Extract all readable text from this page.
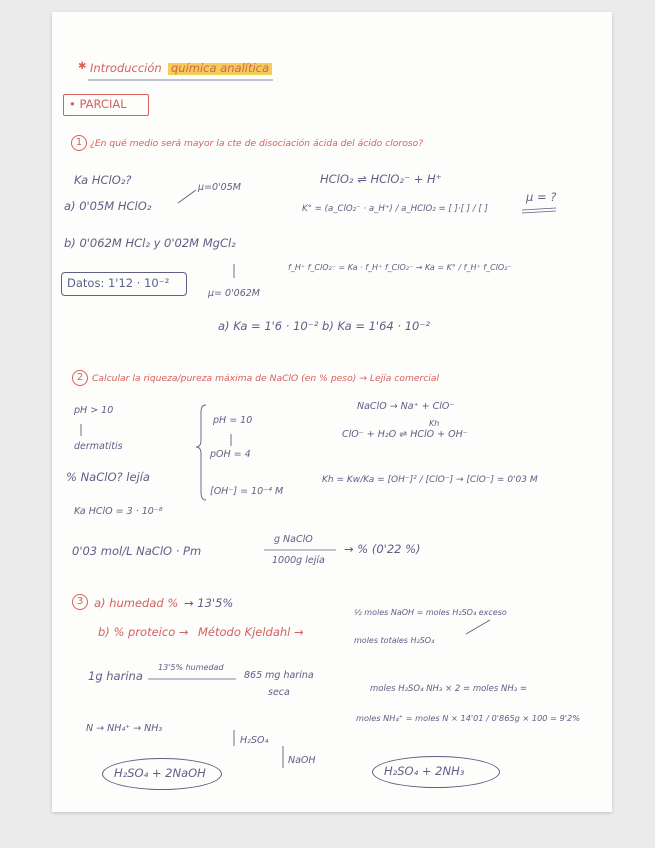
✱ Introducción química analítica
• PARCIAL
1 ¿En qué medio será mayor la cte de disociación ácida del ácido cloroso?
Ka HClO₂?
a) 0'05M HClO₂
μ=0'05M
b) 0'062M HCl₂ y 0'02M MgCl₂
Datos: 1'12 · 10⁻²
μ= 0'062M
HClO₂ ⇌ HClO₂⁻ + H⁺
K° = (a_ClO₂⁻ · a_H⁺) / a_HClO₂ = [ ]·[ ] / [ ]
μ = ?
f_H⁺ f_ClO₂⁻ = Ka · f_H⁺ f_ClO₂⁻ → Ka = K° / f_H⁺ f_ClO₂⁻
a) Ka = 1'6 · 10⁻² b) Ka = 1'64 · 10⁻²
2 Calcular la riqueza/pureza máxima de NaClO (en % peso) → Lejía comercial
pH > 10
dermatitis
% NaClO? lejía
Ka HClO = 3 · 10⁻⁸
pH = 10
pOH = 4
[OH⁻] = 10⁻⁴ M
NaClO → Na⁺ + ClO⁻
ClO⁻ + H₂O ⇌ HClO + OH⁻
Kh
Kh = Kw/Ka = [OH⁻]² / [ClO⁻] → [ClO⁻] = 0'03 M
0'03 mol/L NaClO · Pm
g NaClO
1000g lejía
→ % (0'22 %)
3 a) humedad % → 13'5%
b) % proteico → Método Kjeldahl →
½ moles NaOH = moles H₂SO₄ exceso
moles totales H₂SO₄
1g harina
13'5% humedad
865 mg harina
seca	moles H₂SO₄ NH₃ × 2 = moles NH₃ =
moles NH₄⁺ = moles N × 14'01 / 0'865g × 100 = 9'2%
N → NH₄⁺ → NH₃
H₂SO₄
NaOH
H₂SO₄ + 2NaOH	H₂SO₄ + 2NH₃
